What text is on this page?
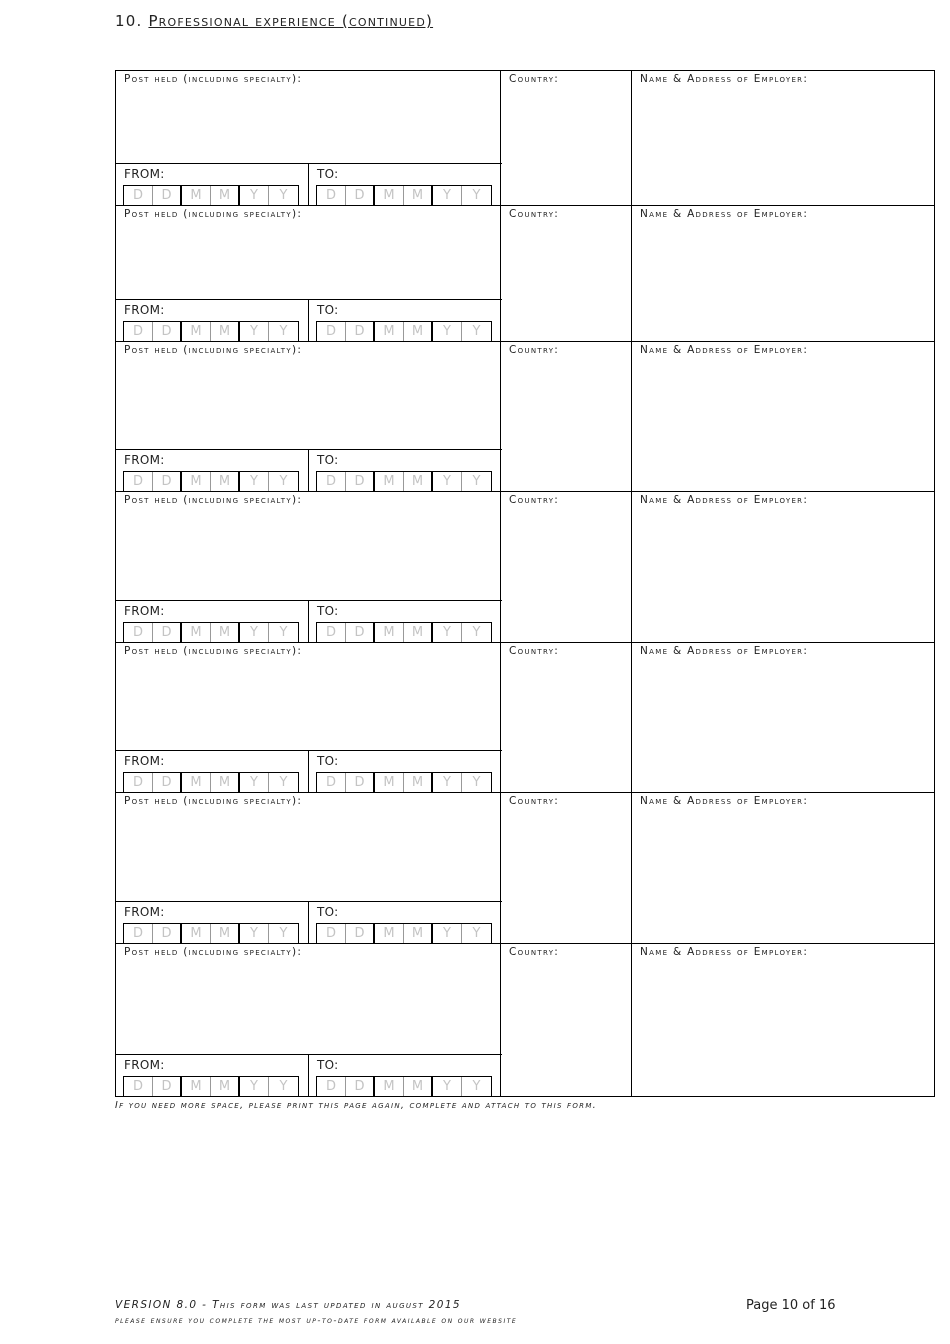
10. Professional experience (continued)
Post held (including specialty):
FROM:
D	D	M	M	Y	Y
TO:
D	D	M	M	Y	Y
Country:	Name & Address of Employer:
Post held (including specialty):
FROM:
D	D	M	M	Y	Y
TO:
D	D	M	M	Y	Y
Country:	Name & Address of Employer:
Post held (including specialty):
FROM:
D	D	M	M	Y	Y
TO:
D	D	M	M	Y	Y
Country:	Name & Address of Employer:
Post held (including specialty):
FROM:
D	D	M	M	Y	Y
TO:
D	D	M	M	Y	Y
Country:	Name & Address of Employer:
Post held (including specialty):
FROM:
D	D	M	M	Y	Y
TO:
D	D	M	M	Y	Y
Country:	Name & Address of Employer:
Post held (including specialty):
FROM:
D	D	M	M	Y	Y
TO:
D	D	M	M	Y	Y
Country:	Name & Address of Employer:
Post held (including specialty):
FROM:
D	D	M	M	Y	Y
TO:
D	D	M	M	Y	Y
Country:	Name & Address of Employer:
If you need more space, please print this page again, complete and attach to this form.
VERSION 8.0 - This form was last updated in august 2015
please ensure you complete the most up-to-date form available on our website
Page 10 of 16
